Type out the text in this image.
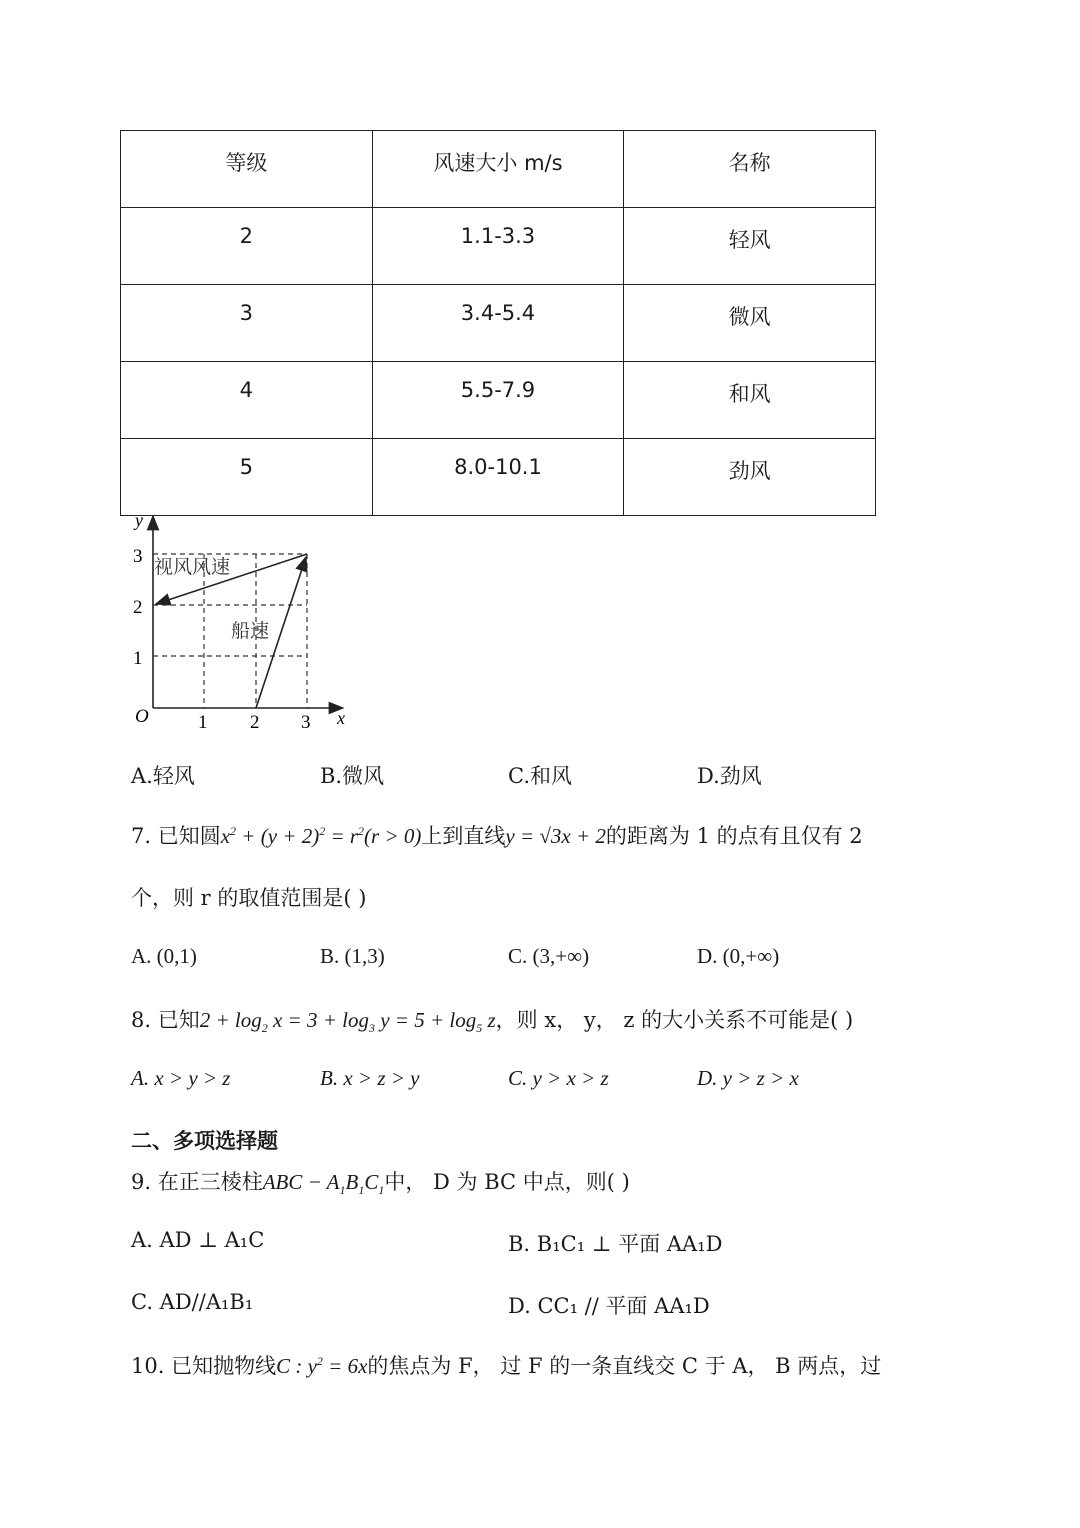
等级	风速大小 m/s	名称
2	1.1-3.3	轻风
3	3.4-5.4	微风
4	5.5-7.9	和风
5	8.0-10.1	劲风
y
x
O
3
2
1
1 2 3
视风风速
船速
A.轻风	B.微风	C.和风	D.劲风
7. 已知圆$x^2 + (y + 2)^2 = r^2(r > 0)$上到直线y = √3x + 2的距离为 1 的点有且仅有 2
个，则 r 的取值范围是( )
A. (0,1)	B. (1,3)	C. (3,+∞)	D. (0,+∞)
8. 已知$2 + \log_2 x = 3 + \log_3 y = 5 + \log_5 z$，则 x， y， z 的大小关系不可能是( )
A. x > y > z	B. x > z > y	C. y > x > z	D. y > z > x
二、多项选择题
9. 在正三棱柱ABC − $A_1B_1C_1$中， D 为 BC 中点，则( )
A. AD ⊥ A₁C	B. B₁C₁ ⊥ 平面 AA₁D
C. AD//A₁B₁	D. CC₁ // 平面 AA₁D
10. 已知抛物线C : $y^2 = 6x$的焦点为 F， 过 F 的一条直线交 C 于 A， B 两点，过
